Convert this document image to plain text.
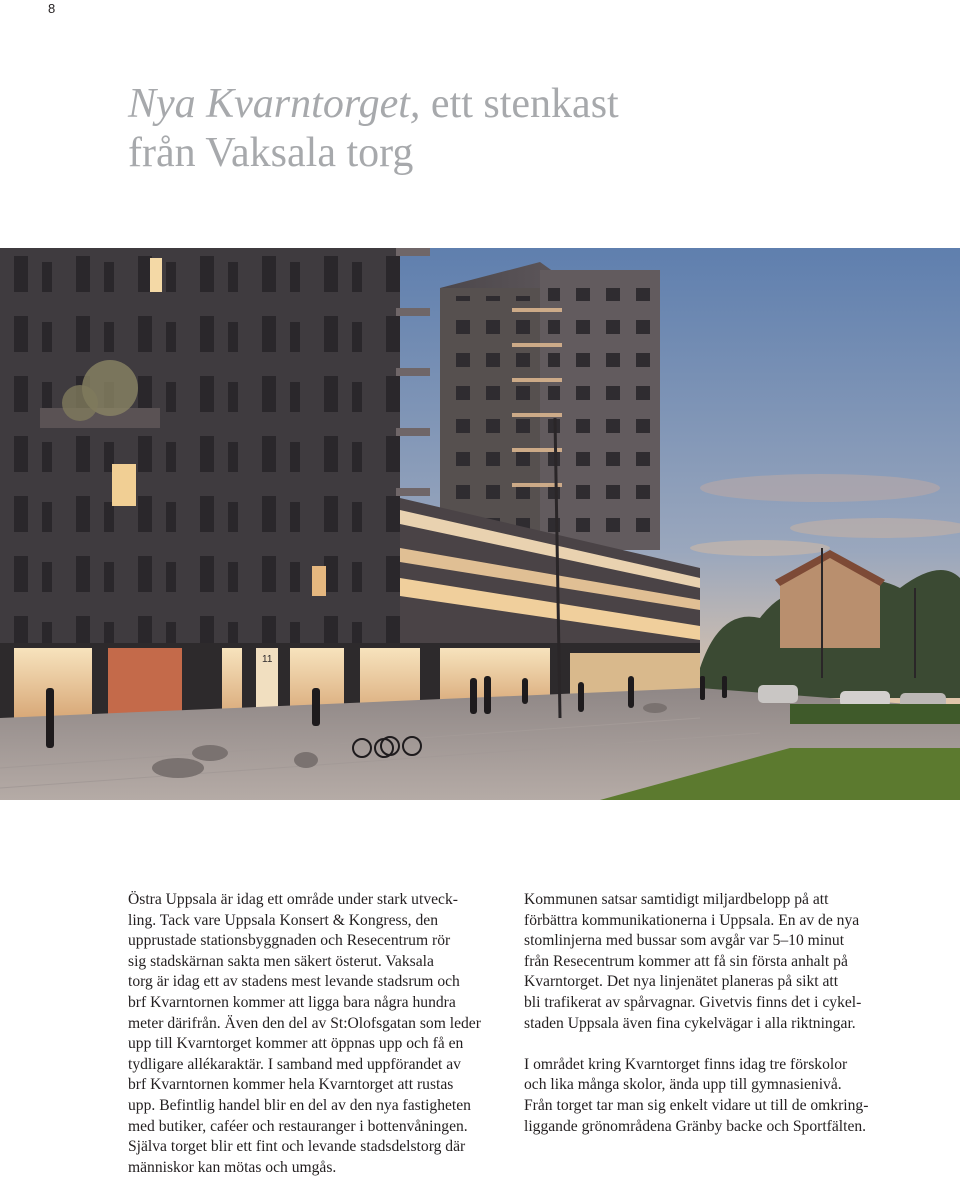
8
Nya Kvarntorget, ett stenkast
från Vaksala torg
11

Östra Uppsala är idag ett område under stark utveck-
ling. Tack vare Uppsala Konsert & Kongress, den
upprustade stationsbyggnaden och Resecentrum rör
sig stadskärnan sakta men säkert österut. Vaksala
torg är idag ett av stadens mest levande stadsrum och
brf Kvarntornen kommer att ligga bara några hundra
meter därifrån. Även den del av St:Olofsgatan som leder
upp till Kvarntorget kommer att öppnas upp och få en
tydligare allékaraktär. I samband med uppförandet av
brf Kvarntornen kommer hela Kvarntorget att rustas
upp. Befintlig handel blir en del av den nya fastigheten
med butiker, caféer och restauranger i bottenvåningen.
Själva torget blir ett fint och levande stadsdelstorg där
människor kan mötas och umgås.

Kommunen satsar samtidigt miljardbelopp på att
förbättra kommunikationerna i Uppsala. En av de nya
stomlinjerna med bussar som avgår var 5–10 minut
från Resecentrum kommer att få sin första anhalt på
Kvarntorget. Det nya linjenätet planeras på sikt att
bli trafikerat av spårvagnar. Givetvis finns det i cykel-
staden Uppsala även fina cykelvägar i alla riktningar.

I området kring Kvarntorget finns idag tre förskolor
och lika många skolor, ända upp till gymnasienivå.
Från torget tar man sig enkelt vidare ut till de omkring-
liggande grönområdena Gränby backe och Sportfälten.
